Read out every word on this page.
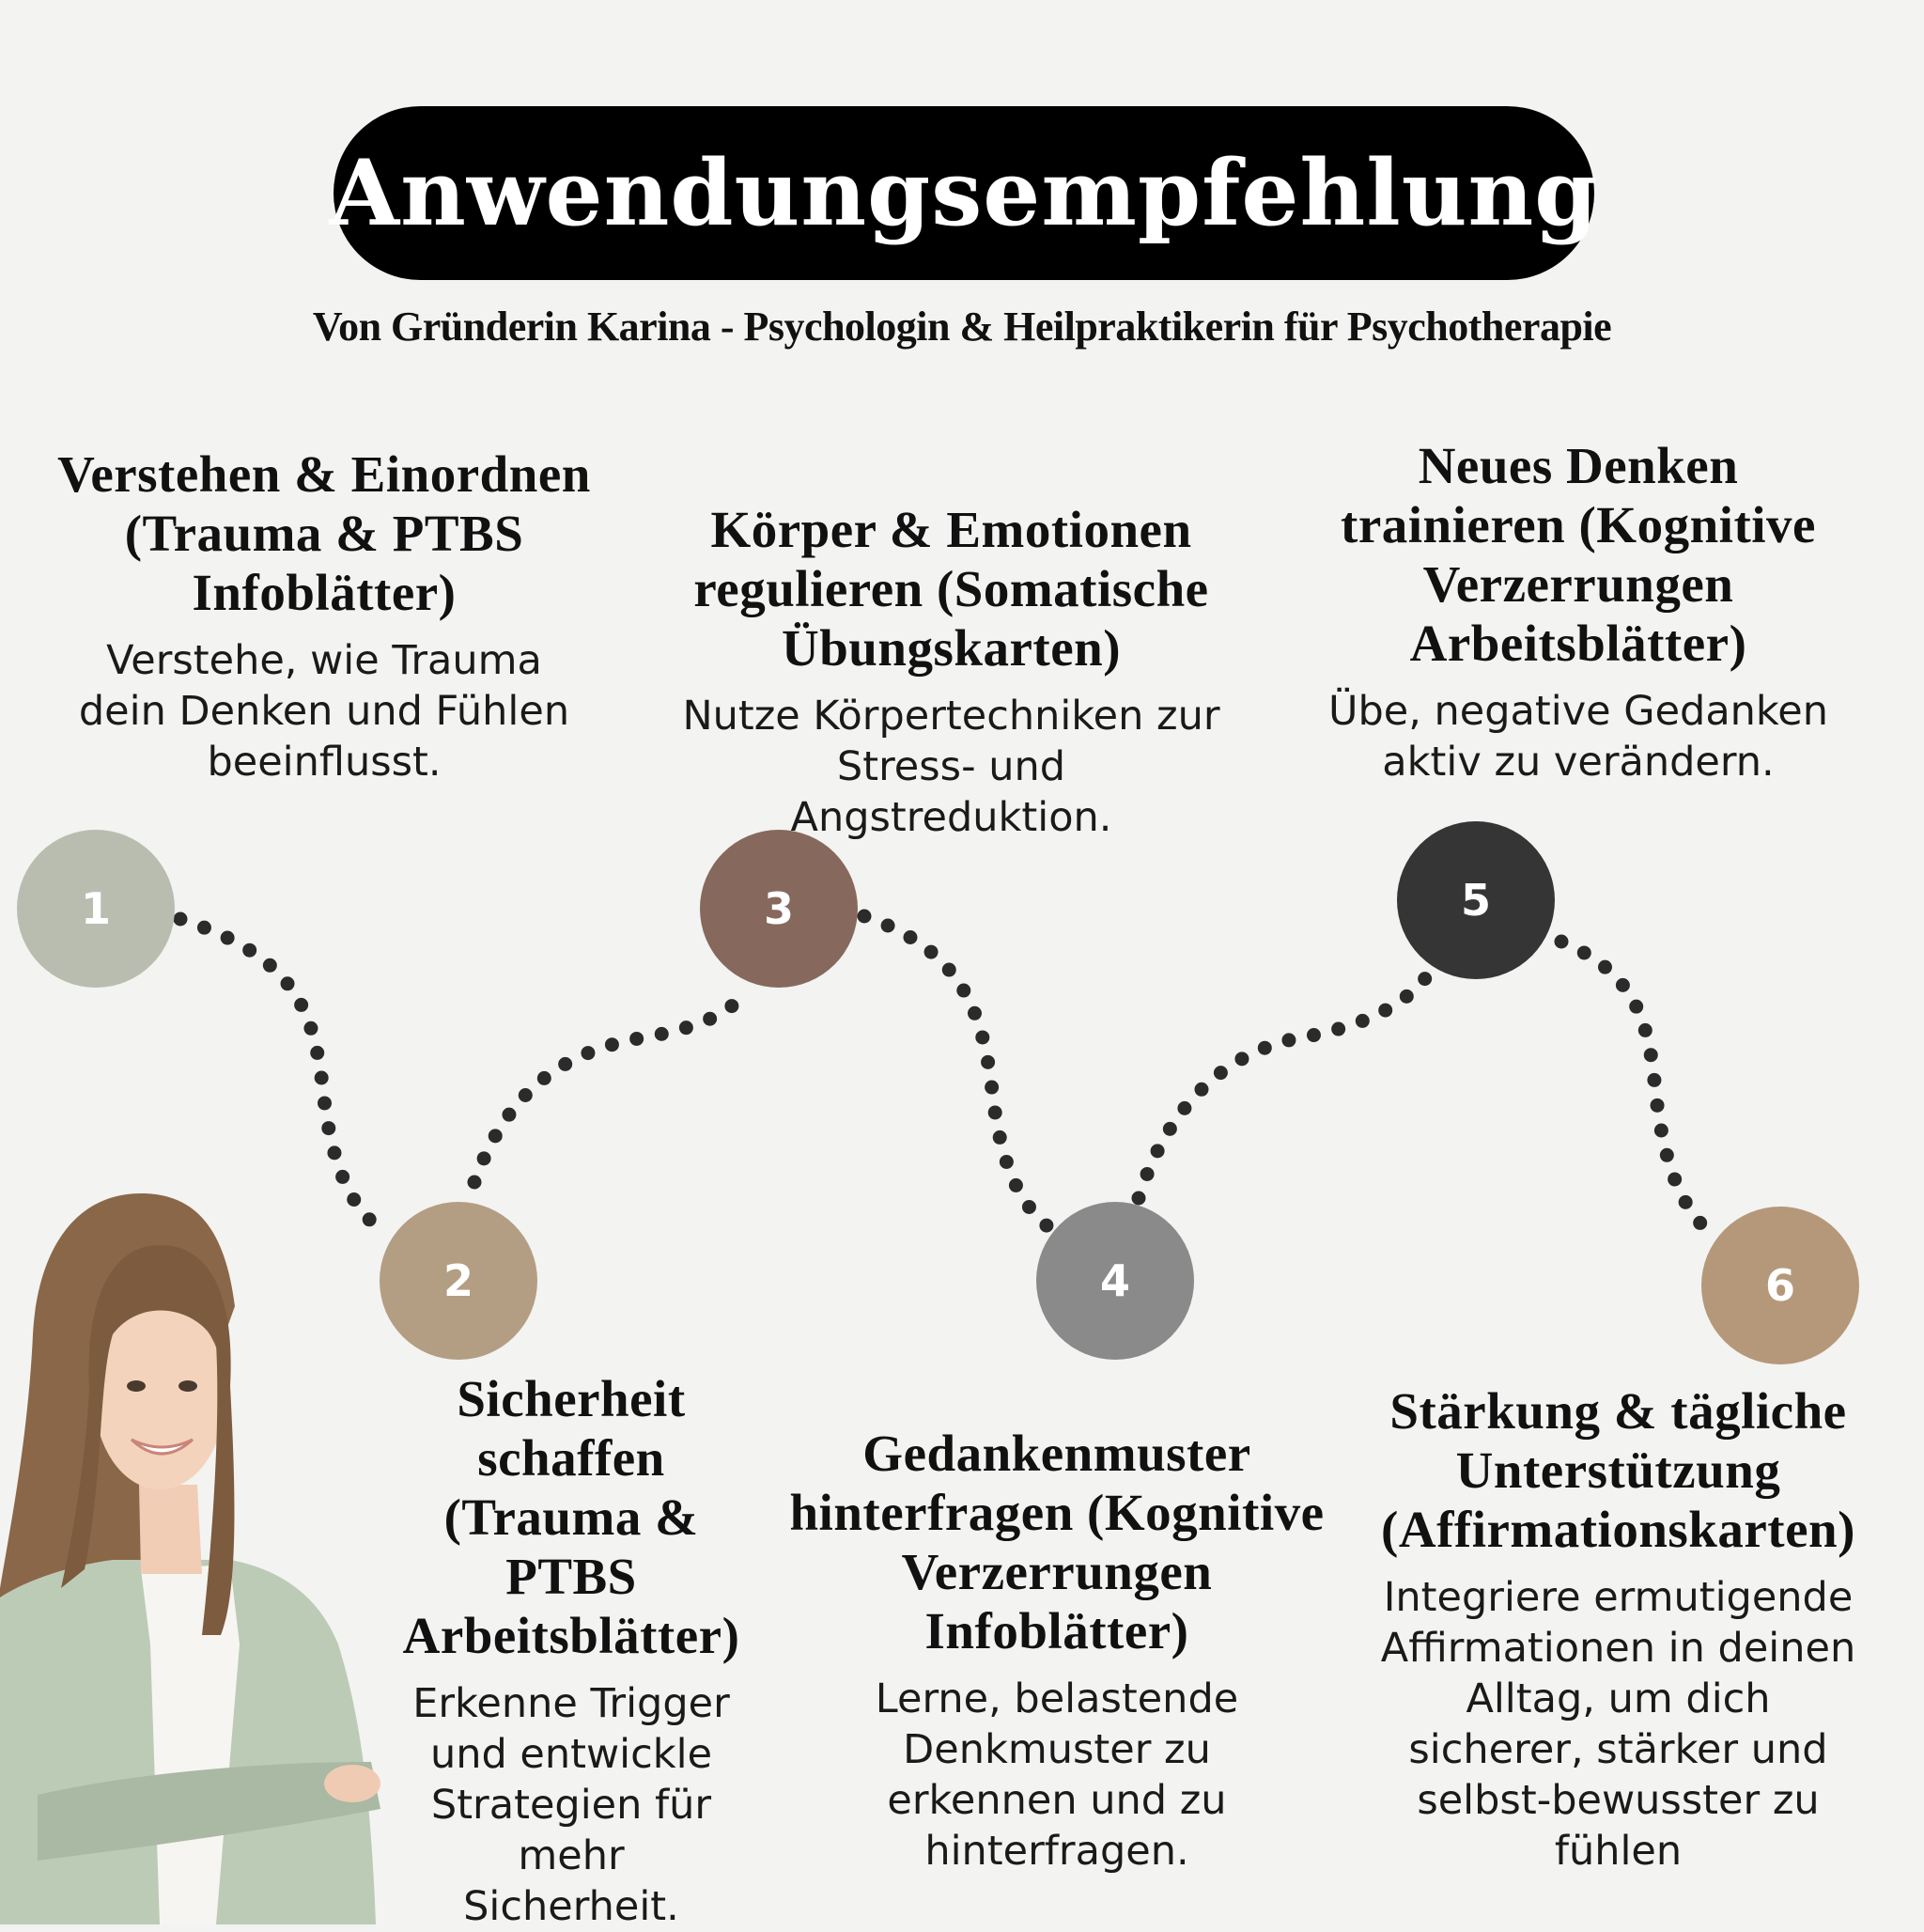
Anwendungsempfehlung
Von Gründerin Karina - Psychologin & Heilpraktikerin für Psychotherapie
1
2
3
4
5
6
Verstehen & Einordnen (Trauma & PTBS Infoblätter)
Verstehe, wie Trauma dein Denken und Fühlen beeinflusst.
Körper & Emotionen regulieren (Somatische Übungskarten)
Nutze Körpertechniken zur Stress- und Angstreduktion.
Neues Denken trainieren (Kognitive Verzerrungen Arbeitsblätter)
Übe, negative Gedanken aktiv zu verändern.
Sicherheit schaffen (Trauma & PTBS Arbeitsblätter)
Erkenne Trigger und entwickle Strategien für mehr Sicherheit.
Gedankenmuster hinterfragen (Kognitive Verzerrungen Infoblätter)
Lerne, belastende Denkmuster zu erkennen und zu hinterfragen.
Stärkung & tägliche Unterstützung (Affirmationskarten)
Integriere ermutigende Affirmationen in deinen Alltag, um dich sicherer, stärker und selbst-bewusster zu fühlen
